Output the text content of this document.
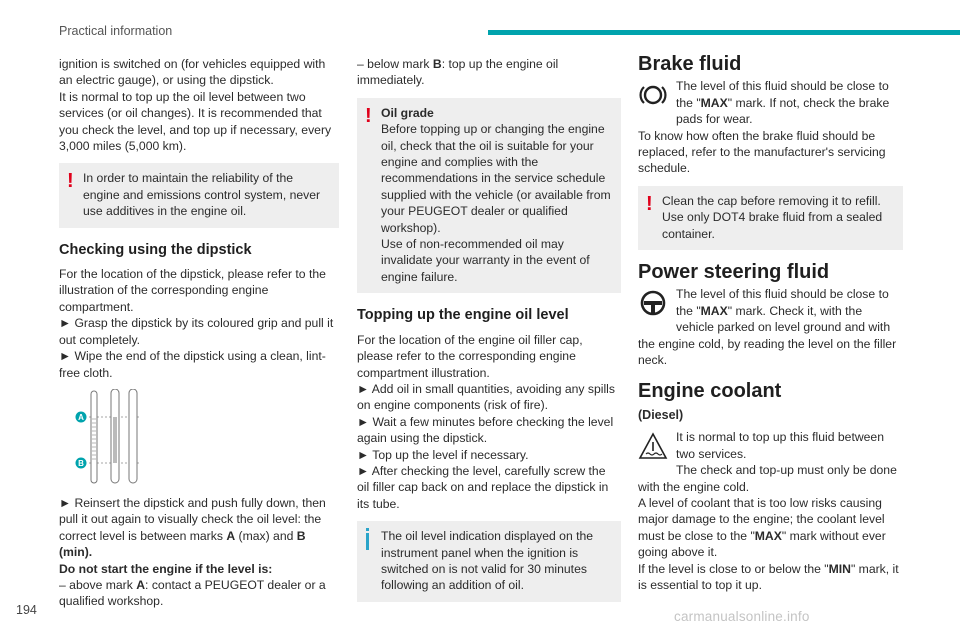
Practical information

ignition is switched on (for vehicles equipped with an electric gauge), or using the dipstick.

It is normal to top up the oil level between two services (or oil changes). It is recommended that you check the level, and top up if necessary, every 3,000 miles (5,000 km).

! In order to maintain the reliability of the engine and emissions control system, never use additives in the engine oil.
Checking using the dipstick

For the location of the dipstick, please refer to the illustration of the corresponding engine compartment.

► Grasp the dipstick by its coloured grip and pull it out completely.

► Wipe the end of the dipstick using a clean, lint-free cloth.

A
B

► Reinsert the dipstick and push fully down, then pull it out again to visually check the oil level: the correct level is between marks A (max) and B (min).

Do not start the engine if the level is:

– above mark A: contact a PEUGEOT dealer or a qualified workshop.

– below mark B: top up the engine oil immediately.

! Oil grade

Before topping up or changing the engine oil, check that the oil is suitable for your engine and complies with the recommendations in the service schedule supplied with the vehicle (or available from your PEUGEOT dealer or qualified workshop).

Use of non-recommended oil may invalidate your warranty in the event of engine failure.

Topping up the engine oil level

For the location of the engine oil filler cap, please refer to the corresponding engine compartment illustration.

► Add oil in small quantities, avoiding any spills on engine components (risk of fire).

► Wait a few minutes before checking the level again using the dipstick.

► Top up the level if necessary.

► After checking the level, carefully screw the oil filler cap back on and replace the dipstick in its tube.

The oil level indication displayed on the instrument panel when the ignition is switched on is not valid for 30 minutes following an addition of oil.
Brake fluid

The level of this fluid should be close to the "MAX" mark. If not, check the brake pads for wear.

To know how often the brake fluid should be replaced, refer to the manufacturer's servicing schedule.

! Clean the cap before removing it to refill. Use only DOT4 brake fluid from a sealed container.
Power steering fluid

The level of this fluid should be close to the "MAX" mark. Check it, with the vehicle parked on level ground and with the engine cold, by reading the level on the filler neck.

Engine coolant
(Diesel)

It is normal to top up this fluid between two services.

The check and top-up must only be done with the engine cold.

A level of coolant that is too low risks causing major damage to the engine; the coolant level must be close to the "MAX" mark without ever going above it.

If the level is close to or below the "MIN" mark, it is essential to top it up.

194	carmanualsonline.info
